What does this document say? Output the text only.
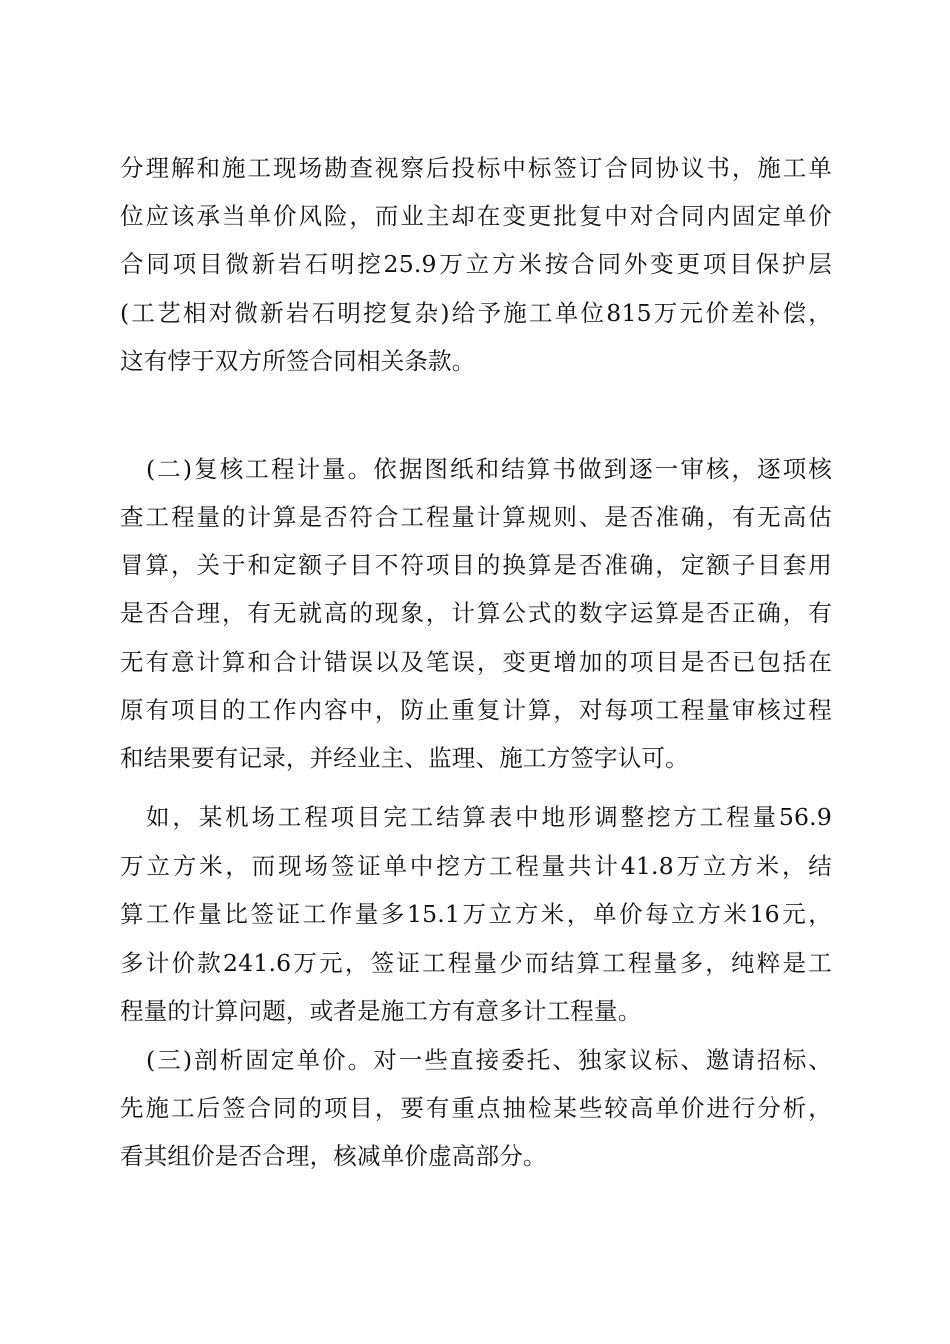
分理解和施工现场勘查视察后投标中标签订合同协议书，施工单
位应该承当单价风险，而业主却在变更批复中对合同内固定单价
合同项目微新岩石明挖25.9万立方米按合同外变更项目保护层
(工艺相对微新岩石明挖复杂)给予施工单位815万元价差补偿，
这有悖于双方所签合同相关条款。
(二)复核工程计量。依据图纸和结算书做到逐一审核，逐项核
查工程量的计算是否符合工程量计算规则、是否准确，有无高估
冒算，关于和定额子目不符项目的换算是否准确，定额子目套用
是否合理，有无就高的现象，计算公式的数字运算是否正确，有
无有意计算和合计错误以及笔误，变更增加的项目是否已包括在
原有项目的工作内容中，防止重复计算，对每项工程量审核过程
和结果要有记录，并经业主、监理、施工方签字认可。
如，某机场工程项目完工结算表中地形调整挖方工程量56.9
万立方米，而现场签证单中挖方工程量共计41.8万立方米，结
算工作量比签证工作量多15.1万立方米，单价每立方米16元，
多计价款241.6万元，签证工程量少而结算工程量多，纯粹是工
程量的计算问题，或者是施工方有意多计工程量。
(三)剖析固定单价。对一些直接委托、独家议标、邀请招标、
先施工后签合同的项目，要有重点抽检某些较高单价进行分析，
看其组价是否合理，核减单价虚高部分。
